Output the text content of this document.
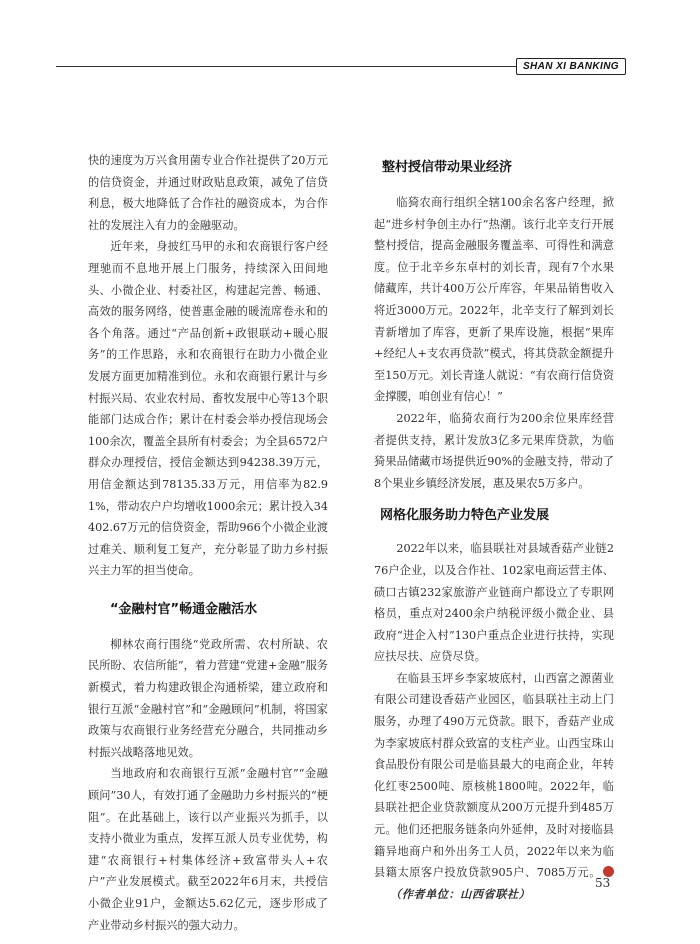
SHAN XI BANKING

快的速度为万兴食用菌专业合作社提供了20万元的信贷资金，并通过财政贴息政策，减免了信贷利息，极大地降低了合作社的融资成本，为合作社的发展注入有力的金融驱动。

近年来，身披红马甲的永和农商银行客户经理驰而不息地开展上门服务，持续深入田间地头、小微企业、村委社区，构建起完善、畅通、高效的服务网络，使普惠金融的暖流席卷永和的各个角落。通过“产品创新+政银联动+暖心服务”的工作思路，永和农商银行在助力小微企业发展方面更加精准到位。永和农商银行累计与乡村振兴局、农业农村局、畜牧发展中心等13个职能部门达成合作；累计在村委会举办授信现场会100余次，覆盖全县所有村委会；为全县6572户群众办理授信，授信金额达到94238.39万元，用信金额达到78135.33万元，用信率为82.91%，带动农户户均增收1000余元；累计投入34402.67万元的信贷资金，帮助966个小微企业渡过难关、顺利复工复产，充分彰显了助力乡村振兴主力军的担当使命。

“金融村官”畅通金融活水

柳林农商行围绕“党政所需、农村所缺、农民所盼、农信所能”，着力营建“党建+金融”服务新模式，着力构建政银企沟通桥梁，建立政府和银行互派“金融村官”和“金融顾问”机制，将国家政策与农商银行业务经营充分融合，共同推动乡村振兴战略落地见效。

当地政府和农商银行互派“金融村官”“金融顾问”30人，有效打通了金融助力乡村振兴的“梗阻”。在此基础上，该行以产业振兴为抓手，以支持小微业为重点，发挥互派人员专业优势，构建“农商银行+村集体经济+致富带头人+农户”产业发展模式。截至2022年6月末，共授信小微企业91户，金额达5.62亿元，逐步形成了产业带动乡村振兴的强大动力。

整村授信带动果业经济

临猗农商行组织全辖100余名客户经理，掀起“进乡村争创主办行”热潮。该行北辛支行开展整村授信，提高金融服务覆盖率、可得性和满意度。位于北辛乡东卓村的刘长青，现有7个水果储藏库，共计400万公斤库容，年果品销售收入将近3000万元。2022年，北辛支行了解到刘长青新增加了库容，更新了果库设施，根据“果库+经纪人+支农再贷款”模式，将其贷款金额提升至150万元。刘长青逢人就说：“有农商行信贷资金撑腰，咱创业有信心！”

2022年，临猗农商行为200余位果库经营者提供支持，累计发放3亿多元果库贷款，为临猗果品储藏市场提供近90%的金融支持，带动了8个果业乡镇经济发展，惠及果农5万多户。

网格化服务助力特色产业发展

2022年以来，临县联社对县域香菇产业链276户企业，以及合作社、102家电商运营主体、碛口古镇232家旅游产业链商户都设立了专职网格员，重点对2400余户纳税评级小微企业、县政府“进企入村”130户重点企业进行扶持，实现应扶尽扶、应贷尽贷。

在临县玉坪乡李家坡底村，山西富之源菌业有限公司建设香菇产业园区，临县联社主动上门服务，办理了490万元贷款。眼下，香菇产业成为李家坡底村群众致富的支柱产业。山西宝珠山食品股份有限公司是临县最大的电商企业，年转化红枣2500吨、原核桃1800吨。2022年，临县联社把企业贷款额度从200万元提升到485万元。他们还把服务链条向外延伸，及时对接临县籍异地商户和外出务工人员，2022年以来为临县籍太原客户投放贷款905户、7085万元。（作者单位：山西省联社）

53
